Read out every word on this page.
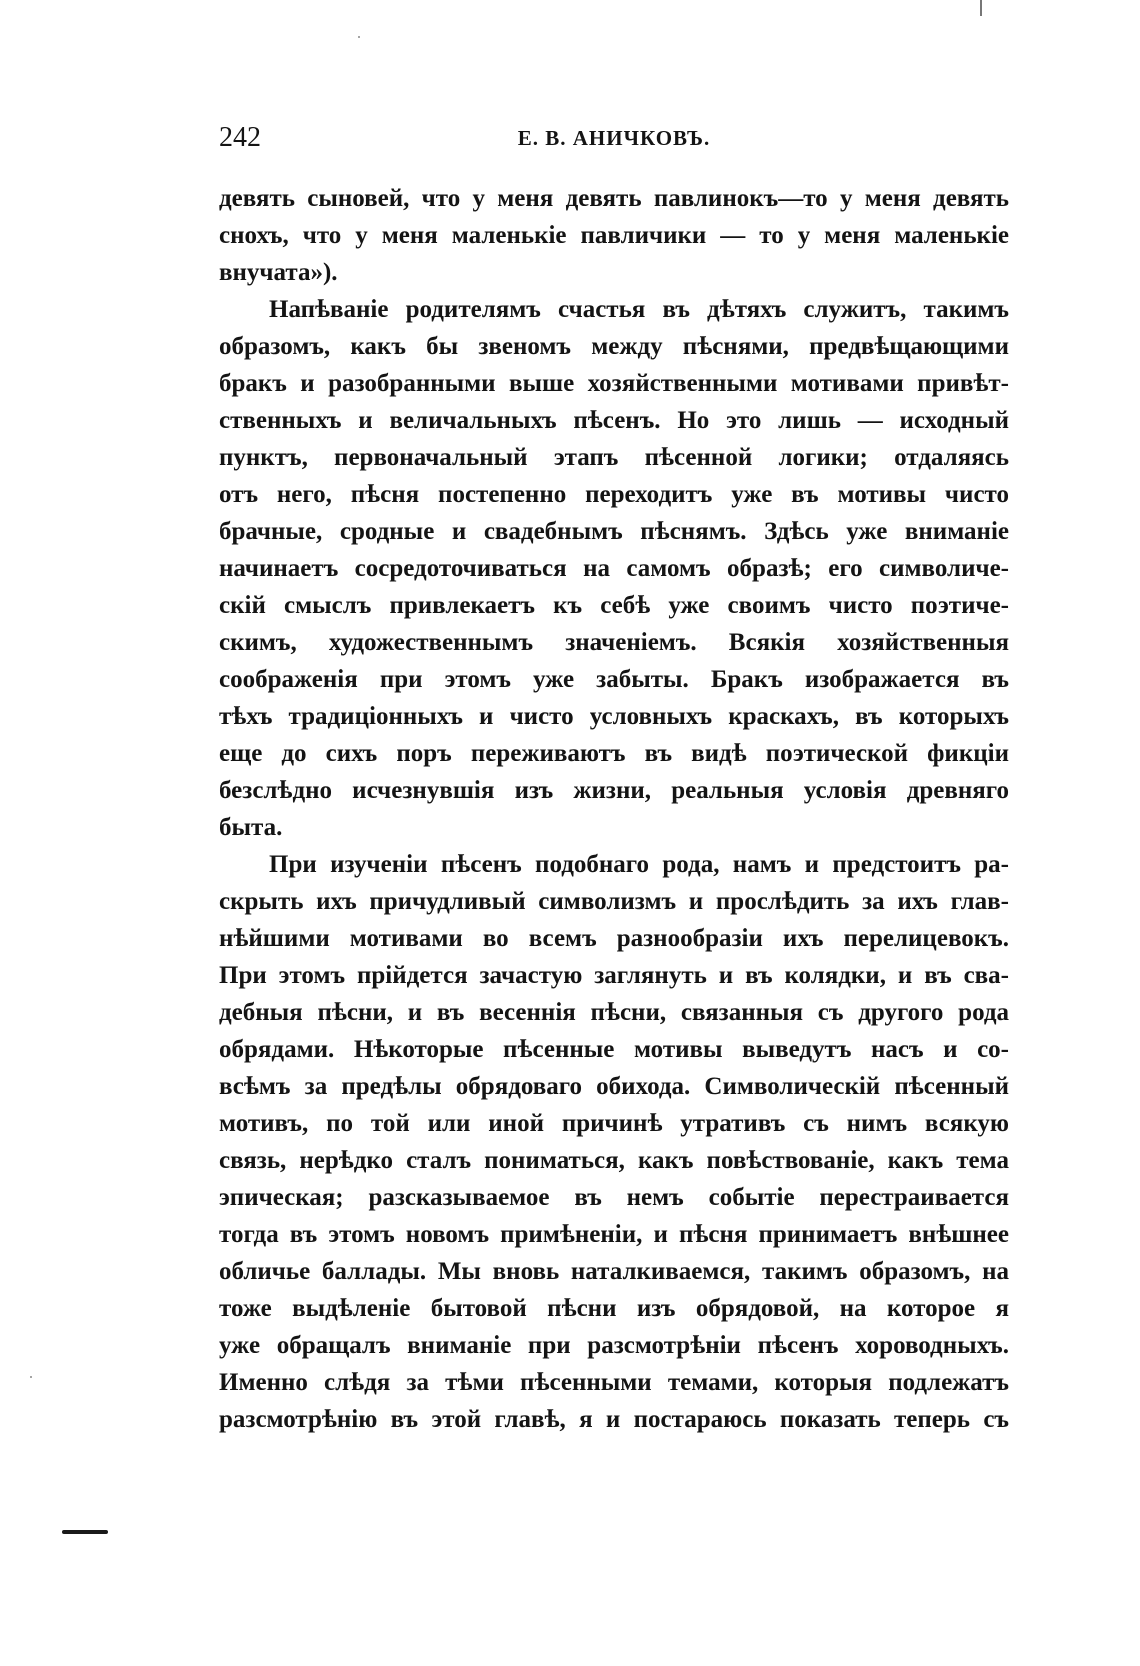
242	Е. В. АНИЧКОВЪ.
девять сыновей, что у меня девять павлинокъ—то у меня девять
снохъ, что у меня маленькіе павличики — то у меня маленькіе
внучата»).
Напѣваніе родителямъ счастья въ дѣтяхъ служитъ, такимъ
образомъ, какъ бы звеномъ между пѣснями, предвѣщающими
бракъ и разобранными выше хозяйственными мотивами привѣт-
ственныхъ и величальныхъ пѣсенъ. Но это лишь — исходный
пунктъ, первоначальный этапъ пѣсенной логики; отдаляясь
отъ него, пѣсня постепенно переходитъ уже въ мотивы чисто
брачные, сродные и свадебнымъ пѣснямъ. Здѣсь уже вниманіе
начинаетъ сосредоточиваться на самомъ образѣ; его символиче-
скій смыслъ привлекаетъ къ себѣ уже своимъ чисто поэтиче-
скимъ, художественнымъ значеніемъ. Всякія хозяйственныя
соображенія при этомъ уже забыты. Бракъ изображается въ
тѣхъ традиціонныхъ и чисто условныхъ краскахъ, въ которыхъ
еще до сихъ поръ переживаютъ въ видѣ поэтической фикціи
безслѣдно исчезнувшія изъ жизни, реальныя условія древняго
быта.
При изученіи пѣсенъ подобнаго рода, намъ и предстоитъ ра-
скрыть ихъ причудливый символизмъ и прослѣдить за ихъ глав-
нѣйшими мотивами во всемъ разнообразіи ихъ перелицевокъ.
При этомъ прійдется зачастую заглянуть и въ колядки, и въ сва-
дебныя пѣсни, и въ весеннія пѣсни, связанныя съ другого рода
обрядами. Нѣкоторые пѣсенные мотивы выведутъ насъ и со-
всѣмъ за предѣлы обрядоваго обихода. Символическій пѣсенный
мотивъ, по той или иной причинѣ утративъ съ нимъ всякую
связь, нерѣдко сталъ пониматься, какъ повѣствованіе, какъ тема
эпическая; разсказываемое въ немъ событіе перестраивается
тогда въ этомъ новомъ примѣненіи, и пѣсня принимаетъ внѣшнее
обличье баллады. Мы вновь наталкиваемся, такимъ образомъ, на
тоже выдѣленіе бытовой пѣсни изъ обрядовой, на которое я
уже обращалъ вниманіе при разсмотрѣніи пѣсенъ хороводныхъ.
Именно слѣдя за тѣми пѣсенными темами, которыя подлежатъ
разсмотрѣнію въ этой главѣ, я и постараюсь показать теперь съ
